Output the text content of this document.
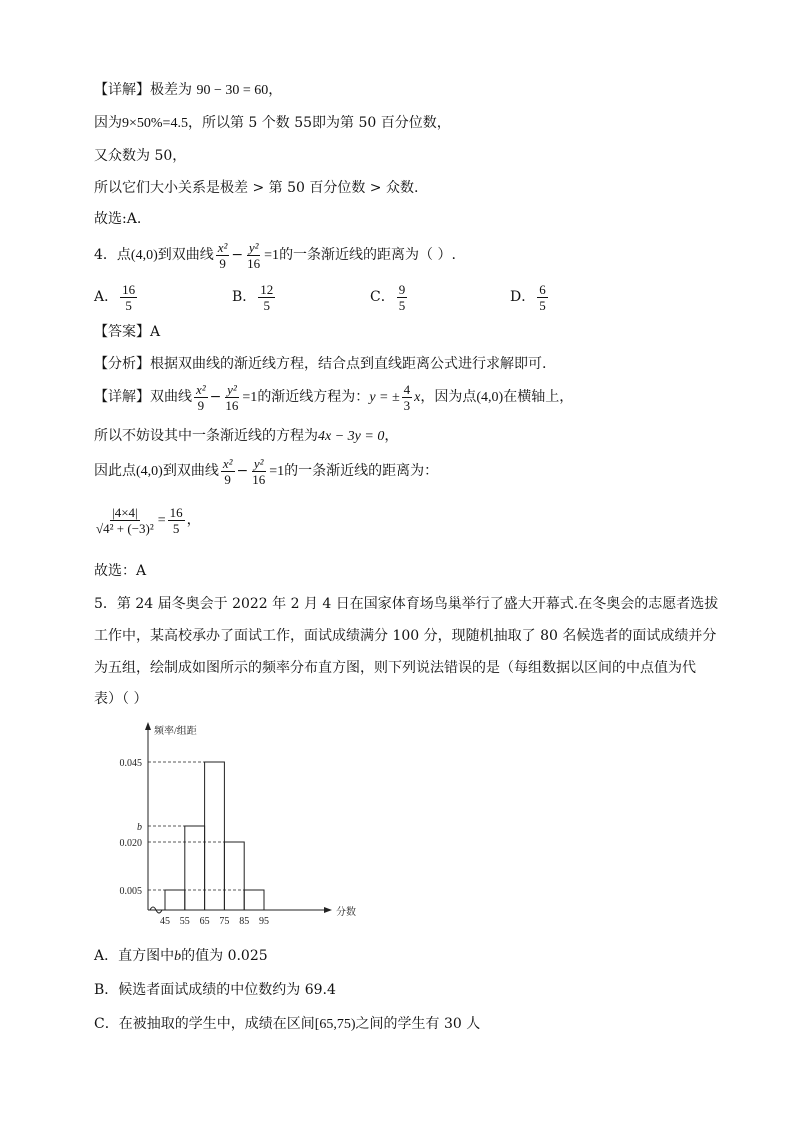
【详解】极差为 90 − 30 = 60，
因为9×50%=4.5，所以第 5 个数 55即为第 50 百分位数，
又众数为 50，
所以它们大小关系是极差 > 第 50 百分位数 > 众数.
故选:A.
4．点(4,0)到双曲线 $\frac{\text{x²}}{9} - \frac{\text{y²}}{16} =1$的一条渐近线的距离为（ ）.
A． $\frac{16}{5}$	B． $\frac{12}{5}$	C． $\frac{9}{5}$	D． $\frac{6}{5}$
【答案】A
【分析】根据双曲线的渐近线方程，结合点到直线距离公式进行求解即可.
【详解】双曲线 $\frac{\text{x²}}{9} - \frac{\text{y²}}{16} =1$的渐近线方程为：y = ± $\frac{4}{3}$ x，因为点(4,0)在横轴上，
所以不妨设其中一条渐近线的方程为4x − 3y = 0，
因此点(4,0)到双曲线 $\frac{\text{x²}}{9} - \frac{\text{y²}}{16} =1$的一条渐近线的距离为：
$\frac{|4\times 4|}{\text{√4² + (−3)²}} = \frac{16}{5}$ ，
故选：A
5．第 24 届冬奥会于 2022 年 2 月 4 日在国家体育场鸟巢举行了盛大开幕式.在冬奥会的志愿者选拔
工作中，某高校承办了面试工作，面试成绩满分 100 分，现随机抽取了 80 名候选者的面试成绩并分
为五组，绘制成如图所示的频率分布直方图，则下列说法错误的是（每组数据以区间的中点值为代
表）（ ）
0.005
0.020
b
0.045
45 55 65 75 85 95
分数
频率/组距
A．直方图中b的值为 0.025
B．候选者面试成绩的中位数约为 69.4
C．在被抽取的学生中，成绩在区间[65,75)之间的学生有 30 人
